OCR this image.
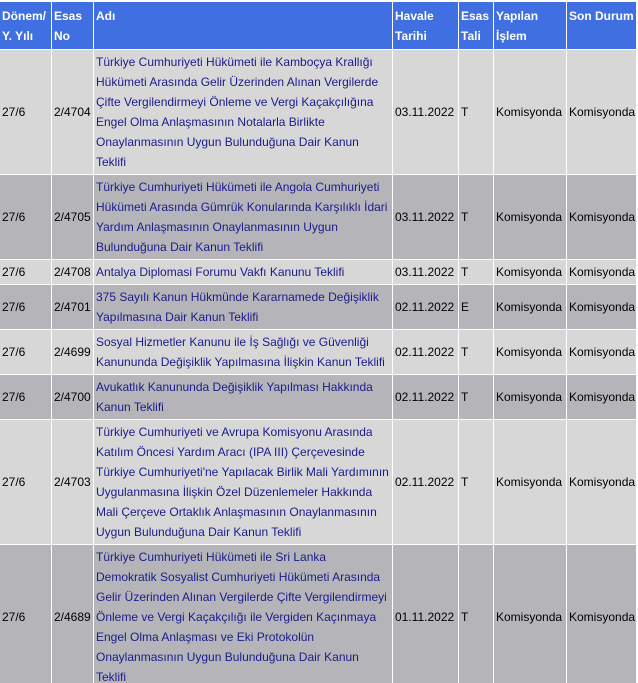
Dönem/ Y. Yılı	Esas No	Adı	Havale Tarihi	Esas Tali	Yapılan İşlem	Son Durum
27/6	2/4704	Türkiye Cumhuriyeti Hükümeti ile Kamboçya Krallığı Hükümeti Arasında Gelir Üzerinden Alınan Vergilerde Çifte Vergilendirmeyi Önleme ve Vergi Kaçakçılığına Engel Olma Anlaşmasının Notalarla Birlikte Onaylanmasının Uygun Bulunduğuna Dair Kanun Teklifi	03.11.2022	T	Komisyonda	Komisyonda
27/6	2/4705	Türkiye Cumhuriyeti Hükümeti ile Angola Cumhuriyeti Hükümeti Arasında Gümrük Konularında Karşılıklı İdari Yardım Anlaşmasının Onaylanmasının Uygun Bulunduğuna Dair Kanun Teklifi	03.11.2022	T	Komisyonda	Komisyonda
27/6	2/4708	Antalya Diplomasi Forumu Vakfı Kanunu Teklifi	03.11.2022	T	Komisyonda	Komisyonda
27/6	2/4701	375 Sayılı Kanun Hükmünde Kararnamede Değişiklik Yapılmasına Dair Kanun Teklifi	02.11.2022	E	Komisyonda	Komisyonda
27/6	2/4699	Sosyal Hizmetler Kanunu ile İş Sağlığı ve Güvenliği Kanununda Değişiklik Yapılmasına İlişkin Kanun Teklifi	02.11.2022	T	Komisyonda	Komisyonda
27/6	2/4700	Avukatlık Kanununda Değişiklik Yapılması Hakkında Kanun Teklifi	02.11.2022	T	Komisyonda	Komisyonda
27/6	2/4703	Türkiye Cumhuriyeti ve Avrupa Komisyonu Arasında Katılım Öncesi Yardım Aracı (IPA III) Çerçevesinde Türkiye Cumhuriyeti'ne Yapılacak Birlik Mali Yardımının Uygulanmasına İlişkin Özel Düzenlemeler Hakkında Mali Çerçeve Ortaklık Anlaşmasının Onaylanmasının Uygun Bulunduğuna Dair Kanun Teklifi	02.11.2022	T	Komisyonda	Komisyonda
27/6	2/4689	Türkiye Cumhuriyeti Hükümeti ile Sri Lanka Demokratik Sosyalist Cumhuriyeti Hükümeti Arasında Gelir Üzerinden Alınan Vergilerde Çifte Vergilendirmeyi Önleme ve Vergi Kaçakçılığı ile Vergiden Kaçınmaya Engel Olma Anlaşması ve Eki Protokolün Onaylanmasının Uygun Bulunduğuna Dair Kanun Teklifi	01.11.2022	T	Komisyonda	Komisyonda
